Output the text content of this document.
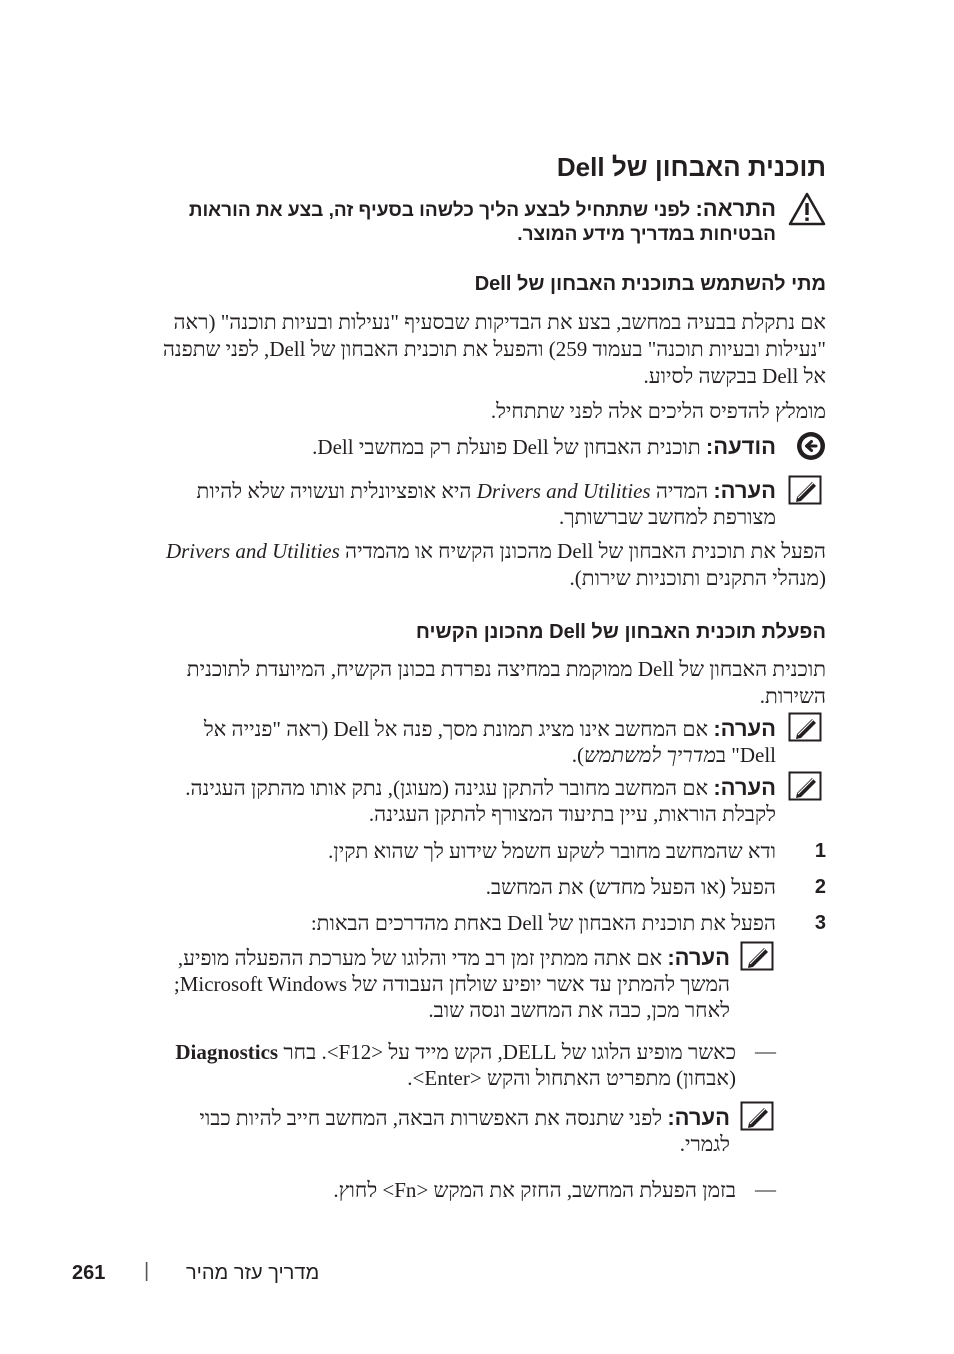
תוכנית האבחון של Dell
התראה: לפני שתתחיל לבצע הליך כלשהו בסעיף זה, בצע את הוראות
הבטיחות במדריך מידע המוצר.
מתי להשתמש בתוכנית האבחון של Dell
אם נתקלת בבעיה במחשב, בצע את הבדיקות שבסעיף "נעילות ובעיות תוכנה" (ראה
"נעילות ובעיות תוכנה" בעמוד 259) והפעל את תוכנית האבחון של Dell, לפני שתפנה
אל Dell בבקשה לסיוע.
מומלץ להדפיס הליכים אלה לפני שתתחיל.
הודעה: תוכנית האבחון של Dell פועלת רק במחשבי Dell.
הערה: המדיה Drivers and Utilities היא אופציונלית ועשויה שלא להיות
מצורפת למחשב שברשותך.
הפעל את תוכנית האבחון של Dell מהכונן הקשיח או מהמדיה Drivers and Utilities
(מנהלי התקנים ותוכניות שירות).
הפעלת תוכנית האבחון של Dell מהכונן הקשיח
תוכנית האבחון של Dell ממוקמת במחיצה נפרדת בכונן הקשיח, המיועדת לתוכנית
השירות.
הערה: אם המחשב אינו מציג תמונת מסך, פנה אל Dell (ראה "פנייה אל
Dell" במדריך למשתמש).
הערה: אם המחשב מחובר להתקן עגינה (מעוגן), נתק אותו מהתקן העגינה.
לקבלת הוראות, עיין בתיעוד המצורף להתקן העגינה.
1
ודא שהמחשב מחובר לשקע חשמל שידוע לך שהוא תקין.
2
הפעל (או הפעל מחדש) את המחשב.
3
הפעל את תוכנית האבחון של Dell באחת מהדרכים הבאות:
הערה: אם אתה ממתין זמן רב מדי והלוגו של מערכת ההפעלה מופיע,
המשך להמתין עד אשר יופיע שולחן העבודה של Microsoft Windows;
לאחר מכן, כבה את המחשב ונסה שוב.
—
כאשר מופיע הלוגו של DELL, הקש מייד על <F12>. בחר Diagnostics
(אבחון) מתפריט האתחול והקש <Enter>.
הערה: לפני שתנסה את האפשרות הבאה, המחשב חייב להיות כבוי
לגמרי.
—
בזמן הפעלת המחשב, החזק את המקש <Fn> לחוץ.
מדריך עזר מהיר
|
261
